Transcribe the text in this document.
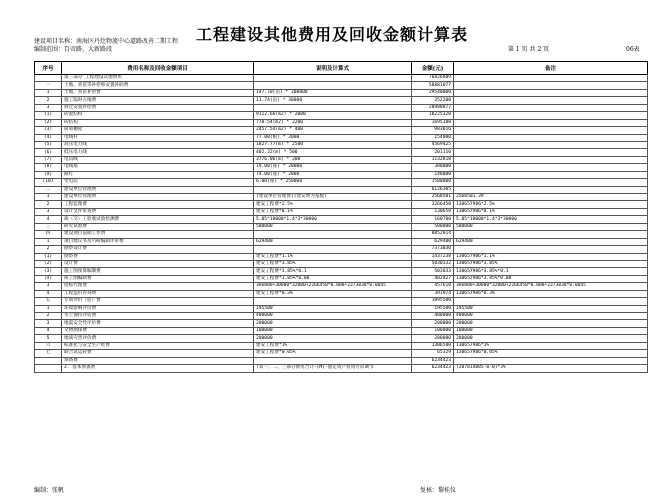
工程建设其他费用及回收金额计算表
建设项目名称：南海区丹灶物流中心道路改善二期工程
编制范围：百帝路、大新路段	第 1 页 共 2 页	06表
序号	费用名称及回收金额项目	说明及计算式	金额(元)	备注
	第三部分 工程建设其他费用		76826809	
一	土地、青苗等补偿和安置补助费		58881077	
1	土地、青苗补偿费	147.70(亩) * 200000	29540000	
2	施工临时占地费	11.74(亩) * 30000	352200	
3	拆迁安置补偿费		28988877	
(1)	砖混结构	9112.66(m2) * 2000	18225320	
(2)	砖结构	778.54(m2) * 2200	1695188	
(3)	简易棚屋	2457.54(m2) * 400	983016	
(4)	电线杆	77.00(根) * 2000	154000	
(5)	高压电力线	1827.77(m) * 2500	4569425	
(6)	低压电力线	402.22(m) * 500	201110	
(7)	电讯线	3776.06(m) * 300	1132818	
(8)	电线塔	19.00(座) * 20000	380000	
(9)	路灯	74.00(座) * 2000	148000	
(10)	变电站	6.00(座) * 250000	1500000	
二	建设单位管理费		6126305	
1	建设单位管理费	[建设单位管理费](建安费为基数)	2568501	2568501.39
2	工程监理费	建安工程费*2.5%	3266450	130657986*2.5%
3	设计文件审查费	建安工程费*0.1%	130658	130657986*0.1%
4	竣（交）工验收试验检测费	5.05*10000*1.4*3*30000	160700	5.05*10000*1.4*3*30000
三	研究试验费	500000	500000	500000
四	建设项目前期工作费		8852014	
1	项目建议书及可研编制评审费	629400	629400	629400
2	勘察设计费		7373030	
(1)	勘察费	建安工程费*1.1%	1437238	130657986*1.1%
(2)	设计费	建安工程费*3.85%	5030332	130657986*3.85%
(3)	施工图预算编制费	建安工程费*3.85%*0.1	503033	130657986*3.85%*0.1
(4)	竣工图编制费	建安工程费*3.85%*0.08	402427	130657986*3.85%*0.08
3	招标代理费	366800+30000*32000+2266450*0.008+2373030*0.0045	457610	366800+30000*32000+2266450*0.008+2373030*0.0045
4	工程造价咨询费	建安工程费*0.3%	391974	130657986*0.3%
五	专项评价（估）费		1095500	
1	环境影响评价费	195500	195500	195500
2	水土保持评估费	400000	400000	400000
3	地震安全性评价费	200000	200000	200000
4	文物勘探费	100000	100000	100000
5	地质灾害评价费	200000	200000	200000
六	标准化与安全生产经费	建安工程费*1%	1306580	130657986*1%
七	联合试运转费	建安工程费*0.05%	65329	130657986*0.05%
	预备费		6234423	
	2. 基本预备费	(第一、二、三部分费用合计-[M]-固定资产投资方向调节	6234423	(207814085-0-0)*3%
编制：张帆	复核：黎桂仪
